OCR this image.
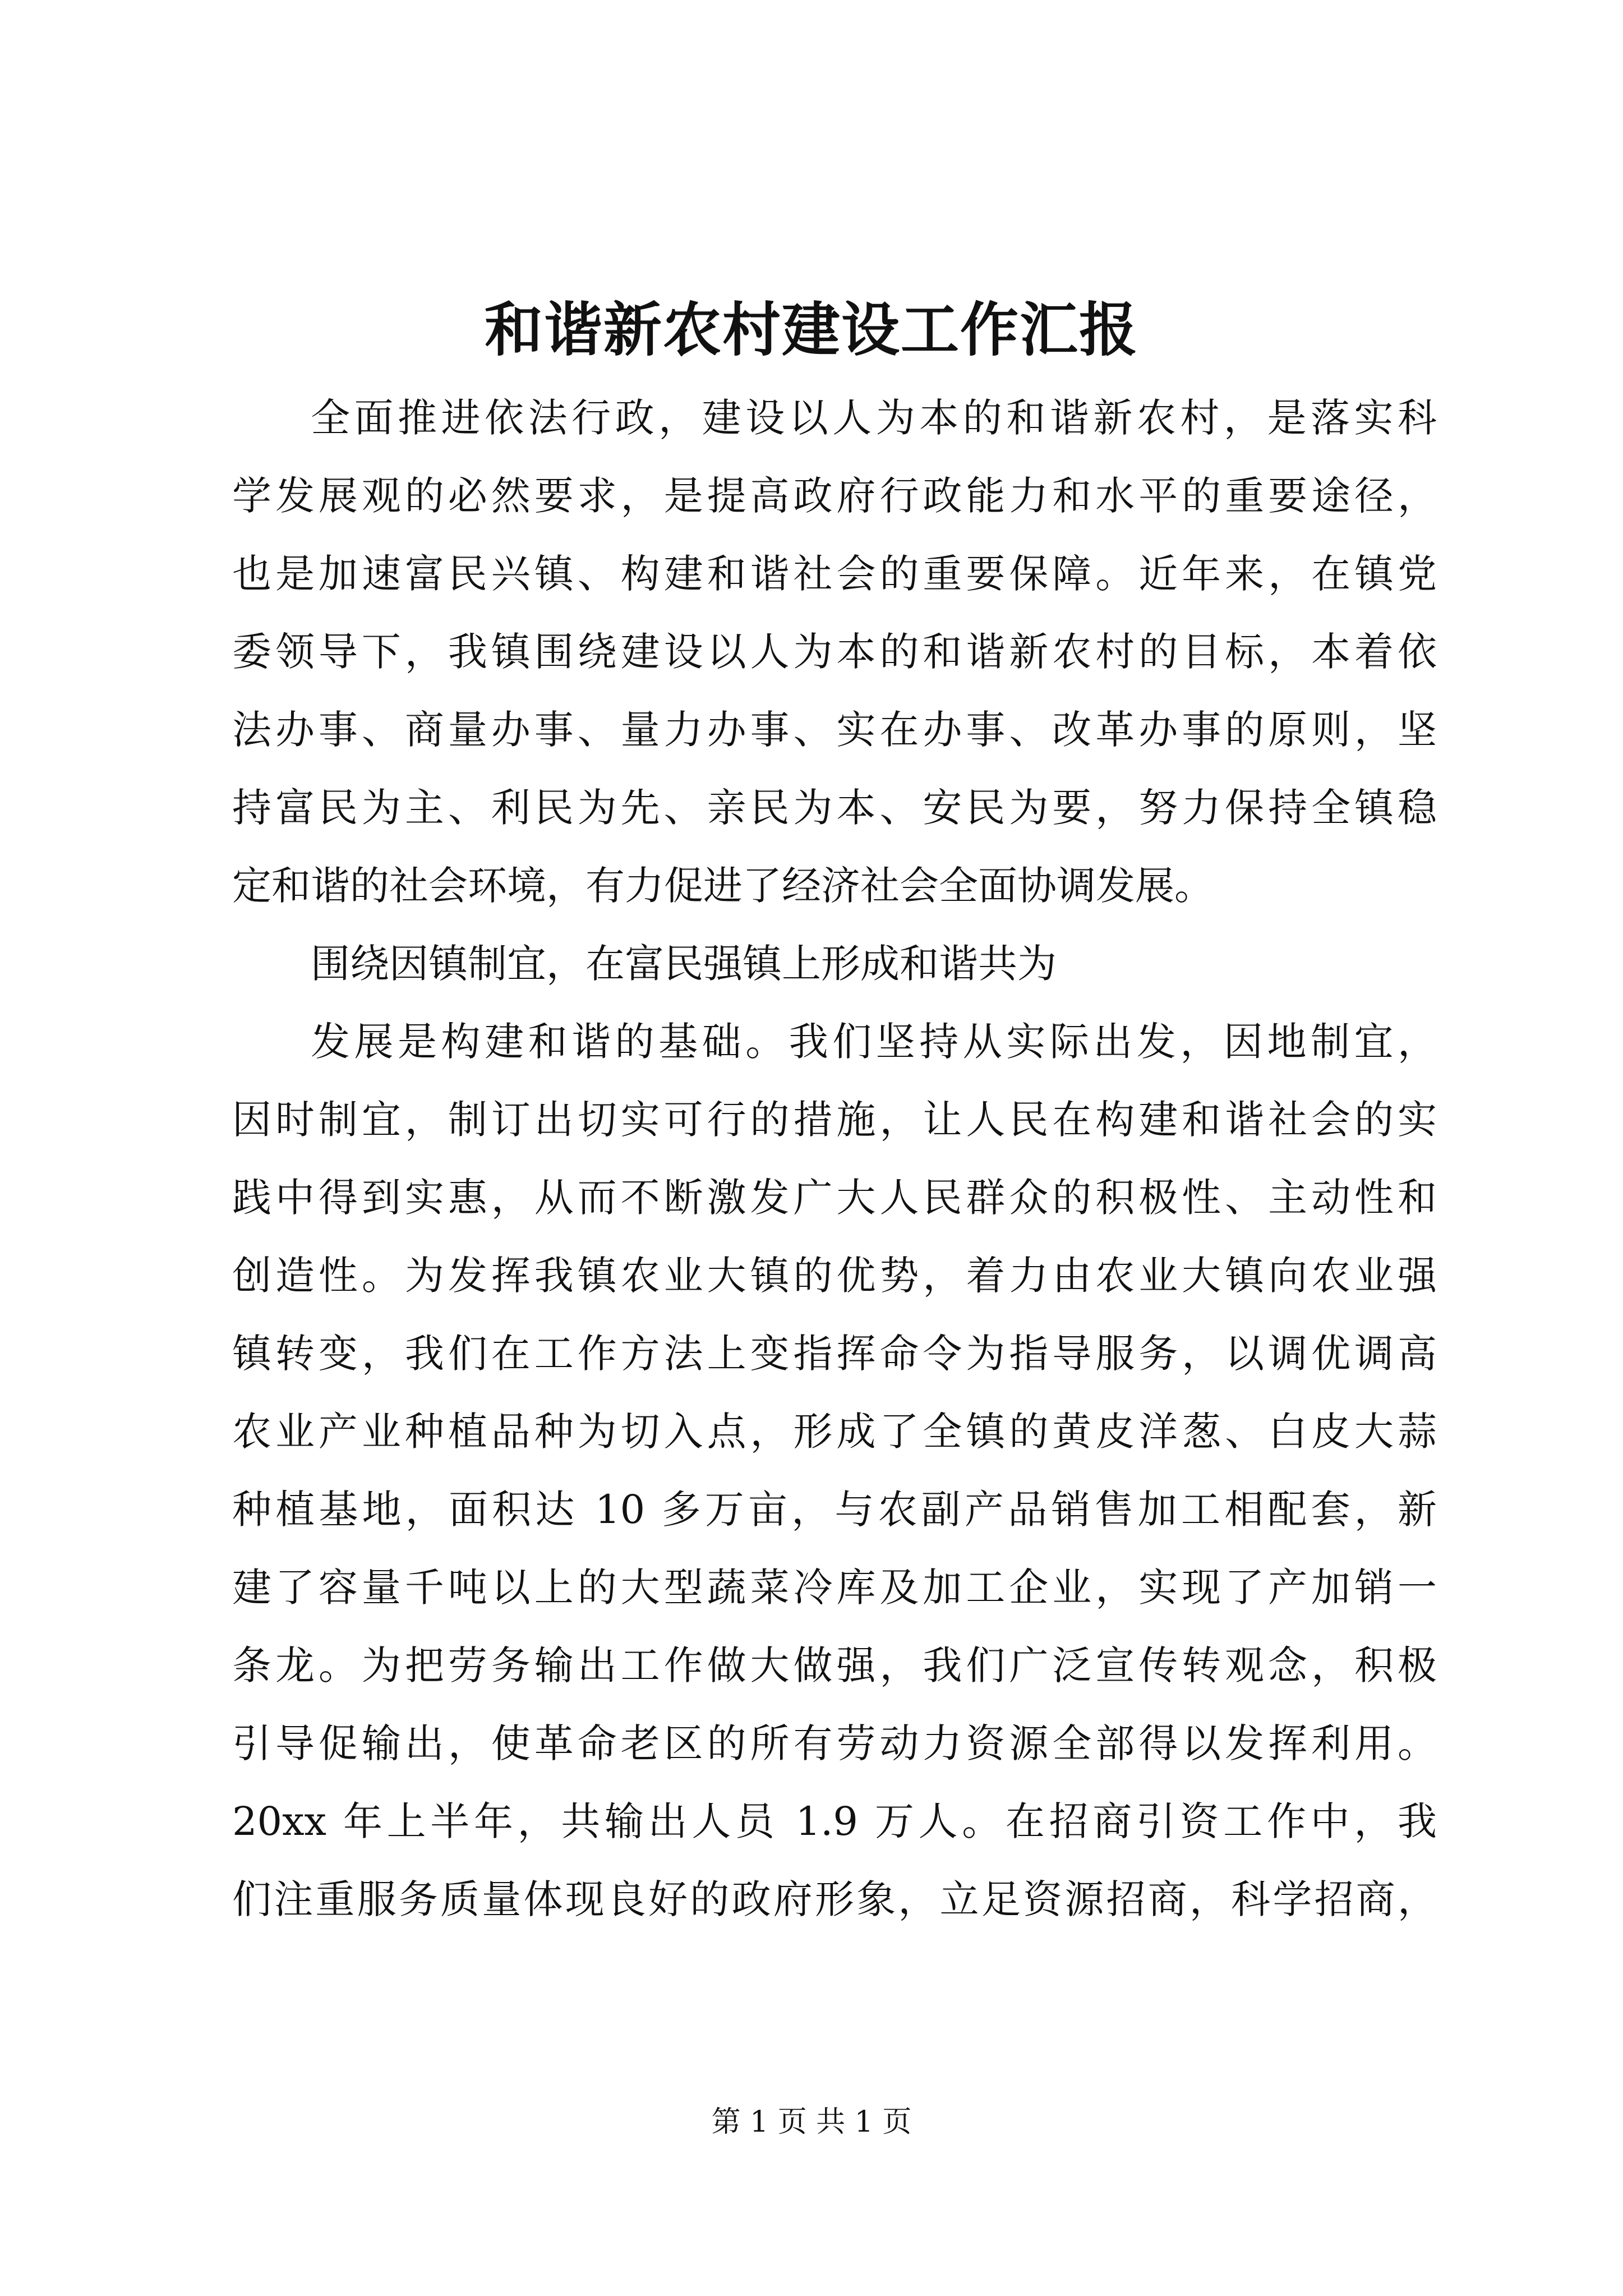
和谐新农村建设工作汇报
全面推进依法行政，建设以人为本的和谐新农村，是落实科
学发展观的必然要求，是提高政府行政能力和水平的重要途径，
也是加速富民兴镇、构建和谐社会的重要保障。近年来，在镇党
委领导下，我镇围绕建设以人为本的和谐新农村的目标，本着依
法办事、商量办事、量力办事、实在办事、改革办事的原则，坚
持富民为主、利民为先、亲民为本、安民为要，努力保持全镇稳
定和谐的社会环境，有力促进了经济社会全面协调发展。
围绕因镇制宜，在富民强镇上形成和谐共为
发展是构建和谐的基础。我们坚持从实际出发，因地制宜，
因时制宜，制订出切实可行的措施，让人民在构建和谐社会的实
践中得到实惠，从而不断激发广大人民群众的积极性、主动性和
创造性。为发挥我镇农业大镇的优势，着力由农业大镇向农业强
镇转变，我们在工作方法上变指挥命令为指导服务，以调优调高
农业产业种植品种为切入点，形成了全镇的黄皮洋葱、白皮大蒜
种植基地，面积达 10 多万亩，与农副产品销售加工相配套，新
建了容量千吨以上的大型蔬菜冷库及加工企业，实现了产加销一
条龙。为把劳务输出工作做大做强，我们广泛宣传转观念，积极
引导促输出，使革命老区的所有劳动力资源全部得以发挥利用。
20xx 年上半年，共输出人员 1.9 万人。在招商引资工作中，我
们注重服务质量体现良好的政府形象，立足资源招商，科学招商，
第 1 页 共 1 页
